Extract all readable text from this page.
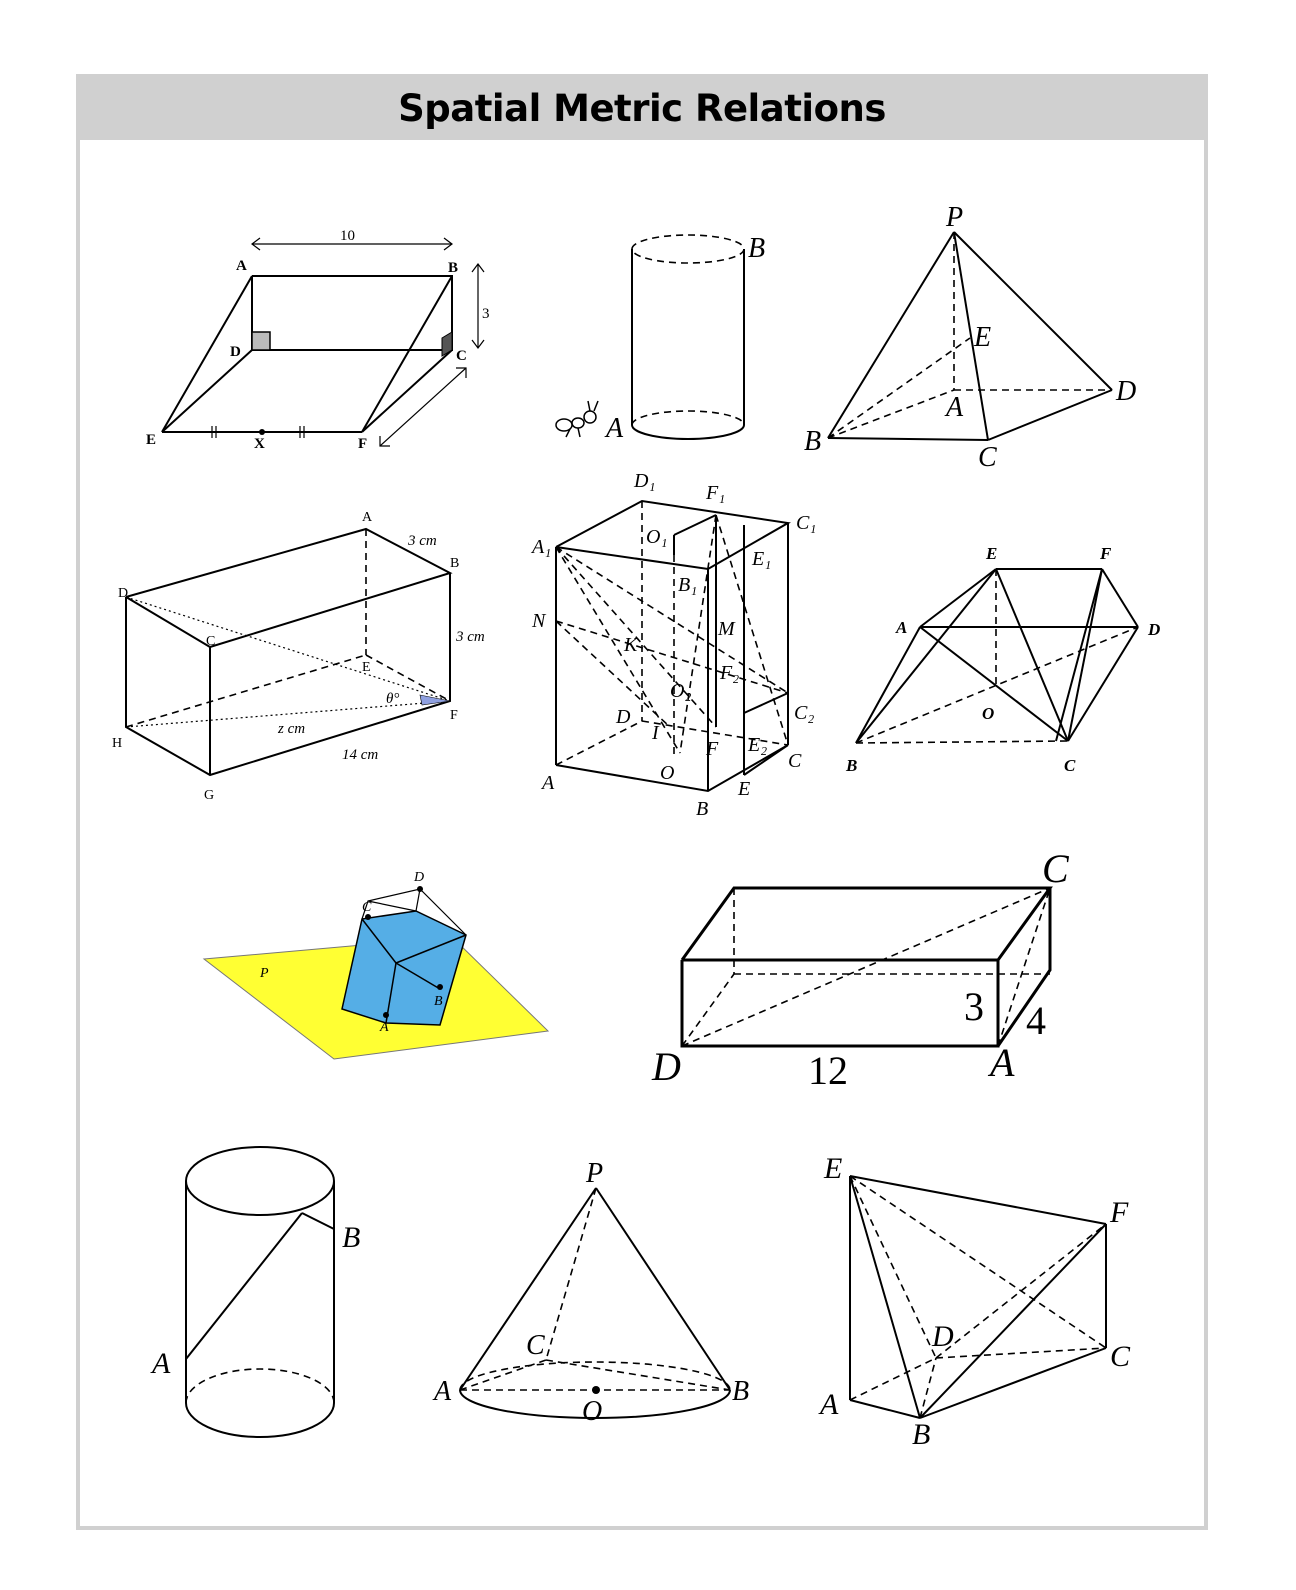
Spatial Metric Relations
A	B
C
D
E	F
X
10
3
B
A
P
E
A
D
B
C
A
B
C
D
E
F
G
H
3 cm
3 cm
14 cm
z cm
θ°
D₁
F₁
C₁
A₁	O₁
B₁
E₁
N
K
M
F₂
O₂
D	C₂
I
E₂
F
C
A	O
E
B
E	F
A	D
O
B	C
D
C
P
A
B
C
D	A
3 4
12
B
A
P
C
A	B
O
E
F
D
C
A
B
